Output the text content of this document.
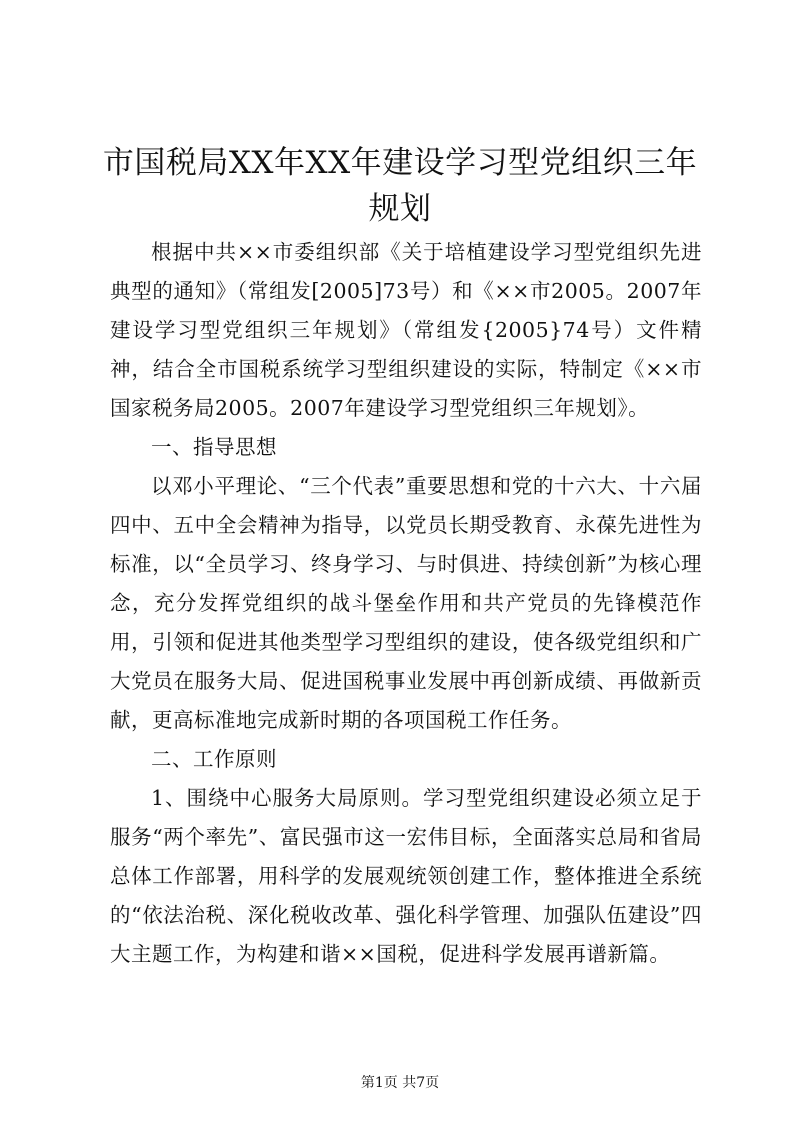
市国税局XX年XX年建设学习型党组织三年规划

根据中共××市委组织部《关于培植建设学习型党组织先进典型的通知》（常组发[2005]73号）和《××市2005。2007年建设学习型党组织三年规划》（常组发{2005}74号）文件精神，结合全市国税系统学习型组织建设的实际，特制定《××市国家税务局2005。2007年建设学习型党组织三年规划》。

一、指导思想

以邓小平理论、“三个代表”重要思想和党的十六大、十六届四中、五中全会精神为指导，以党员长期受教育、永葆先进性为标准，以“全员学习、终身学习、与时俱进、持续创新”为核心理念，充分发挥党组织的战斗堡垒作用和共产党员的先锋模范作用，引领和促进其他类型学习型组织的建设，使各级党组织和广大党员在服务大局、促进国税事业发展中再创新成绩、再做新贡献，更高标准地完成新时期的各项国税工作任务。

二、工作原则

1、围绕中心服务大局原则。学习型党组织建设必须立足于服务“两个率先”、富民强市这一宏伟目标，全面落实总局和省局总体工作部署，用科学的发展观统领创建工作，整体推进全系统的“依法治税、深化税收改革、强化科学管理、加强队伍建设”四大主题工作，为构建和谐××国税，促进科学发展再谱新篇。

第1页 共7页
